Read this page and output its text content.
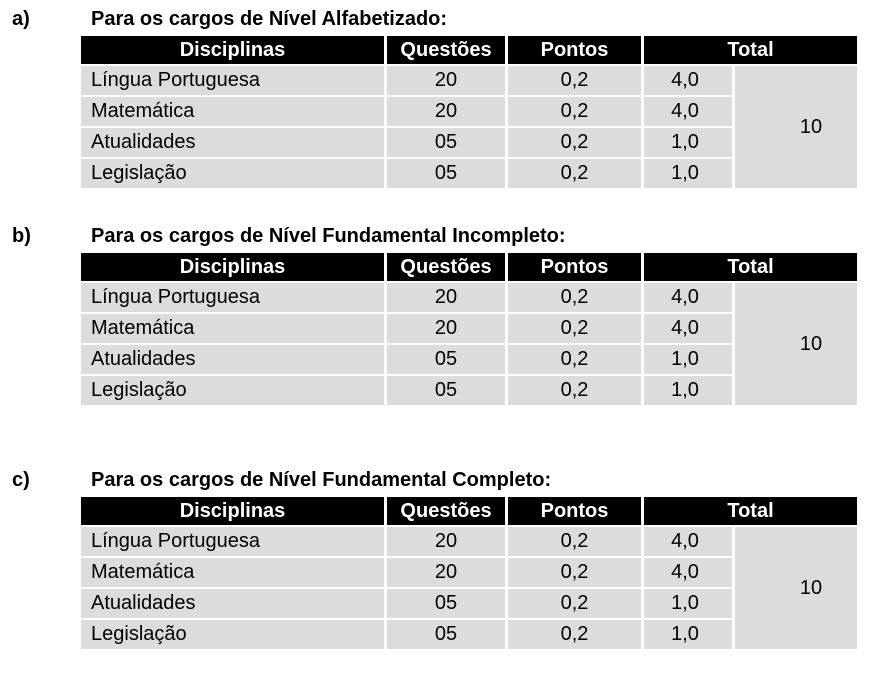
a)	Para os cargos de Nível Alfabetizado:
Disciplinas	Questões	Pontos	Total	
Língua Portuguesa	20	0,2	4,0	10
Matemática	20	0,2	4,0	
Atualidades	05	0,2	1,0	
Legislação	05	0,2	1,0	
b)	Para os cargos de Nível Fundamental Incompleto:
Disciplinas	Questões	Pontos	Total	
Língua Portuguesa	20	0,2	4,0	10
Matemática	20	0,2	4,0	
Atualidades	05	0,2	1,0	
Legislação	05	0,2	1,0	
c)	Para os cargos de Nível Fundamental Completo:
Disciplinas	Questões	Pontos	Total	
Língua Portuguesa	20	0,2	4,0	10
Matemática	20	0,2	4,0	
Atualidades	05	0,2	1,0	
Legislação	05	0,2	1,0	
